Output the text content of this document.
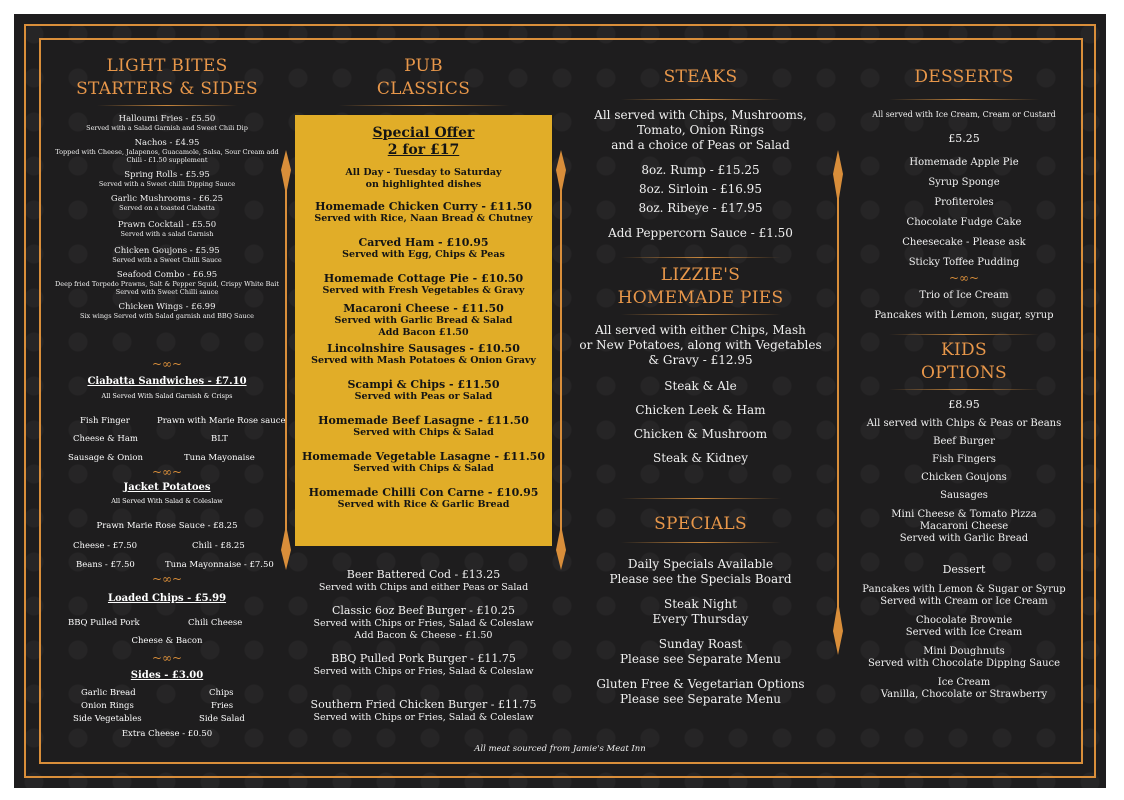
LIGHT BITES
STARTERS & SIDES
Halloumi Fries - £5.50
Served with a Salad Garnish and Sweet Chili Dip
Nachos - £4.95
Topped with Cheese, Jalapenos, Guacamole, Salsa, Sour Cream add Chili - £1.50 supplement
Spring Rolls - £5.95
Served with a Sweet chilli Dipping Sauce
Garlic Mushrooms - £6.25
Served on a toasted Ciabatta
Prawn Cocktail - £5.50
Served with a salad Garnish
Chicken Goujons - £5.95
Served with a Sweet Chilli Sauce
Seafood Combo - £6.95
Deep fried Torpedo Prawns, Salt & Pepper Squid, Crispy White Bait Served with Sweet Chilli sauce
Chicken Wings - £6.99
Six wings Served with Salad garnish and BBQ Sauce
~∞~
Ciabatta Sandwiches - £7.10
All Served With Salad Garnish & Crisps
Fish Finger	Prawn with Marie Rose sauce
Cheese & Ham	BLT
Sausage & Onion	Tuna Mayonaise
~∞~
Jacket Potatoes
All Served With Salad & Coleslaw
Prawn Marie Rose Sauce - £8.25
Cheese - £7.50	Chili - £8.25
Beans - £7.50	Tuna Mayonnaise - £7.50
~∞~
Loaded Chips - £5.99
BBQ Pulled Pork	Chili Cheese
Cheese & Bacon
~∞~
Sides - £3.00
Garlic Bread	Chips
Onion Rings	Fries
Side Vegetables	Side Salad
Extra Cheese - £0.50
PUB
CLASSICS
Special Offer
2 for £17
All Day - Tuesday to Saturday
on highlighted dishes
Homemade Chicken Curry - £11.50
Served with Rice, Naan Bread & Chutney
Carved Ham - £10.95
Served with Egg, Chips & Peas
Homemade Cottage Pie - £10.50
Served with Fresh Vegetables & Gravy
Macaroni Cheese - £11.50
Served with Garlic Bread & Salad
Add Bacon £1.50
Lincolnshire Sausages - £10.50
Served with Mash Potatoes & Onion Gravy
Scampi & Chips - £11.50
Served with Peas or Salad
Homemade Beef Lasagne - £11.50
Served with Chips & Salad
Homemade Vegetable Lasagne - £11.50
Served with Chips & Salad
Homemade Chilli Con Carne - £10.95
Served with Rice & Garlic Bread
Beer Battered Cod - £13.25
Served with Chips and either Peas or Salad
Classic 6oz Beef Burger - £10.25
Served with Chips or Fries, Salad & Coleslaw
Add Bacon & Cheese - £1.50
BBQ Pulled Pork Burger - £11.75
Served with Chips or Fries, Salad & Coleslaw
Southern Fried Chicken Burger - £11.75
Served with Chips or Fries, Salad & Coleslaw
All meat sourced from Jamie's Meat Inn
STEAKS
All served with Chips, Mushrooms,
Tomato, Onion Rings
and a choice of Peas or Salad
8oz. Rump - £15.25
8oz. Sirloin - £16.95
8oz. Ribeye - £17.95
Add Peppercorn Sauce - £1.50
LIZZIE'S
HOMEMADE PIES
All served with either Chips, Mash
or New Potatoes, along with Vegetables
& Gravy - £12.95
Steak & Ale
Chicken Leek & Ham
Chicken & Mushroom
Steak & Kidney
SPECIALS
Daily Specials Available
Please see the Specials Board
Steak Night
Every Thursday
Sunday Roast
Please see Separate Menu
Gluten Free & Vegetarian Options
Please see Separate Menu
DESSERTS
All served with Ice Cream, Cream or Custard
£5.25
Homemade Apple Pie
Syrup Sponge
Profiteroles
Chocolate Fudge Cake
Cheesecake - Please ask
Sticky Toffee Pudding
~∞~
Trio of Ice Cream
Pancakes with Lemon, sugar, syrup
KIDS
OPTIONS
£8.95
All served with Chips & Peas or Beans
Beef Burger
Fish Fingers
Chicken Goujons
Sausages
Mini Cheese & Tomato Pizza
Macaroni Cheese
Served with Garlic Bread
Dessert
Pancakes with Lemon & Sugar or Syrup
Served with Cream or Ice Cream
Chocolate Brownie
Served with Ice Cream
Mini Doughnuts
Served with Chocolate Dipping Sauce
Ice Cream
Vanilla, Chocolate or Strawberry
